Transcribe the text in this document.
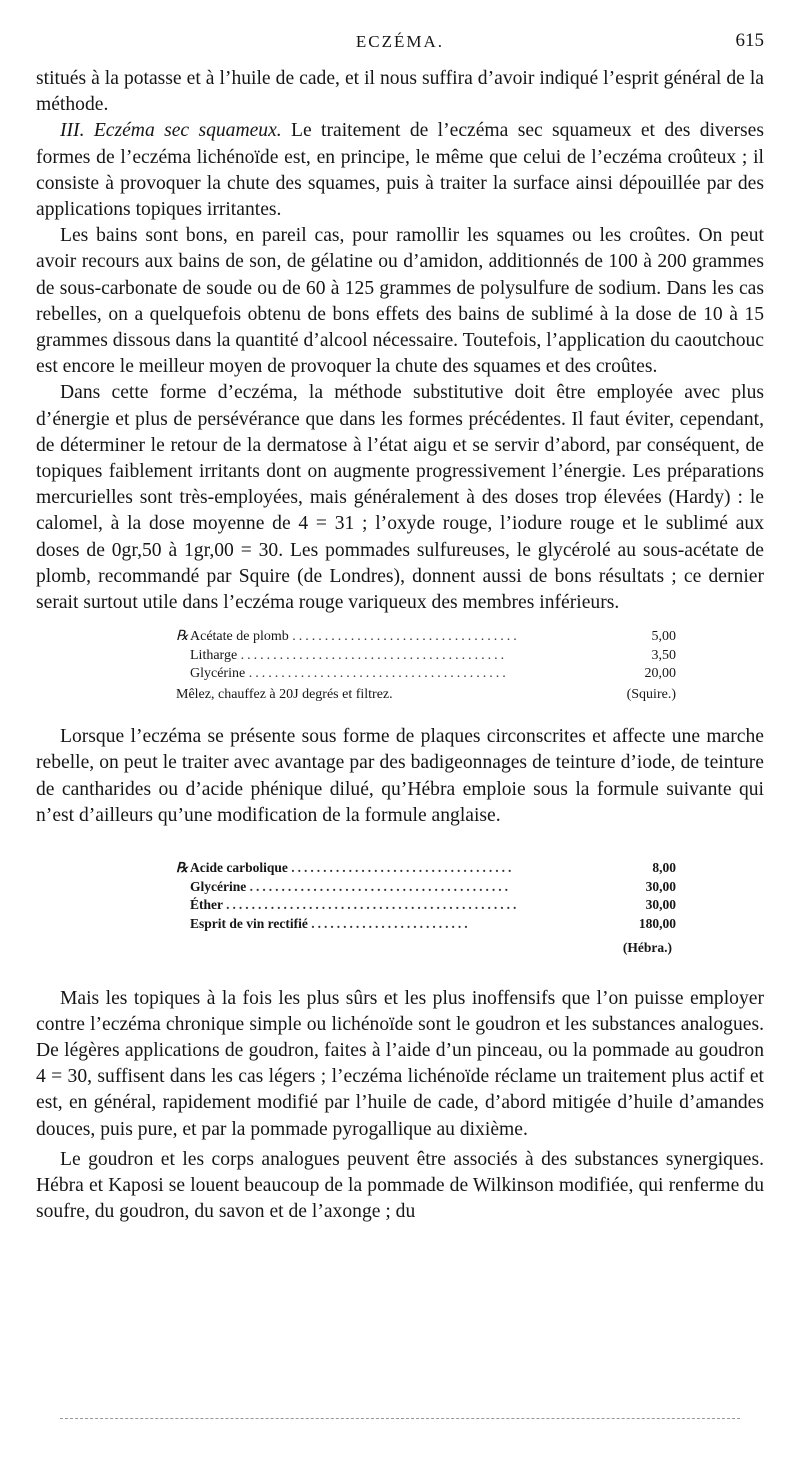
ECZÉMA.	615

stitués à la potasse et à l’huile de cade, et il nous suffira d’avoir indiqué l’esprit général de la méthode.

III. Eczéma sec squameux. Le traitement de l’eczéma sec squameux et des diverses formes de l’eczéma lichénoïde est, en principe, le même que celui de l’eczéma croûteux ; il consiste à provoquer la chute des squames, puis à traiter la surface ainsi dépouillée par des applications topiques irritantes.

Les bains sont bons, en pareil cas, pour ramollir les squames ou les croûtes. On peut avoir recours aux bains de son, de gélatine ou d’amidon, additionnés de 100 à 200 grammes de sous-carbonate de soude ou de 60 à 125 grammes de polysulfure de sodium. Dans les cas rebelles, on a quelquefois obtenu de bons effets des bains de sublimé à la dose de 10 à 15 grammes dissous dans la quantité d’alcool nécessaire. Toutefois, l’application du caoutchouc est encore le meilleur moyen de provoquer la chute des squames et des croûtes.

Dans cette forme d’eczéma, la méthode substitutive doit être employée avec plus d’énergie et plus de persévérance que dans les formes précédentes. Il faut éviter, cependant, de déterminer le retour de la dermatose à l’état aigu et se servir d’abord, par conséquent, de topiques faiblement irritants dont on augmente progressivement l’énergie. Les préparations mercurielles sont très-employées, mais généralement à des doses trop élevées (Hardy) : le calomel, à la dose moyenne de 4 = 31 ; l’oxyde rouge, l’iodure rouge et le sublimé aux doses de 0gr,50 à 1gr,00 = 30. Les pommades sulfureuses, le glycérolé au sous-acétate de plomb, recommandé par Squire (de Londres), donnent aussi de bons résultats ; ce dernier serait surtout utile dans l’eczéma rouge variqueux des membres inférieurs.

℞ Acétate de plomb ...................................	5,00
Litharge .........................................	3,50
Glycérine ........................................	20,00
Mêlez, chauffez à 20J degrés et filtrez.	(Squire.)

Lorsque l’eczéma se présente sous forme de plaques circonscrites et affecte une marche rebelle, on peut le traiter avec avantage par des badigeonnages de teinture d’iode, de teinture de cantharides ou d’acide phénique dilué, qu’Hébra emploie sous la formule suivante qui n’est d’ailleurs qu’une modification de la formule anglaise.

℞ Acide carbolique ...................................	8,00
Glycérine .........................................	30,00
Éther ..............................................	30,00
Esprit de vin rectifié .........................	180,00
(Hébra.)

Mais les topiques à la fois les plus sûrs et les plus inoffensifs que l’on puisse employer contre l’eczéma chronique simple ou lichénoïde sont le goudron et les substances analogues. De légères applications de goudron, faites à l’aide d’un pinceau, ou la pommade au goudron 4 = 30, suffisent dans les cas légers ; l’eczéma lichénoïde réclame un traitement plus actif et est, en général, rapidement modifié par l’huile de cade, d’abord mitigée d’huile d’amandes douces, puis pure, et par la pommade pyrogallique au dixième.

Le goudron et les corps analogues peuvent être associés à des substances synergiques. Hébra et Kaposi se louent beaucoup de la pommade de Wilkinson modifiée, qui renferme du soufre, du goudron, du savon et de l’axonge ; du
